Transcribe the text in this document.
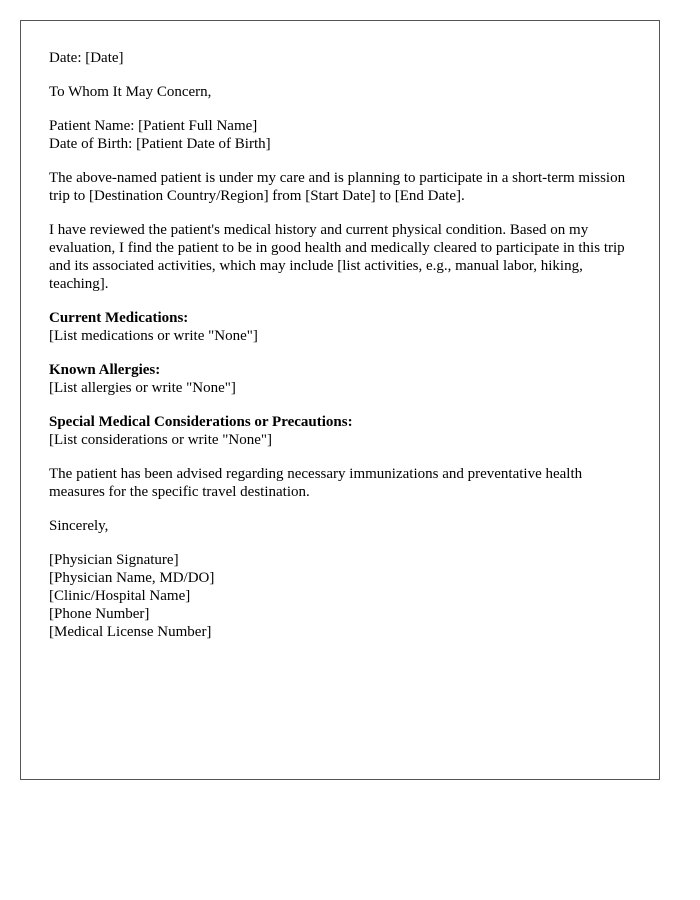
Date: [Date]

To Whom It May Concern,

Patient Name: [Patient Full Name]
Date of Birth: [Patient Date of Birth]

The above-named patient is under my care and is planning to participate in a short-term mission trip to [Destination Country/Region] from [Start Date] to [End Date].

I have reviewed the patient's medical history and current physical condition. Based on my evaluation, I find the patient to be in good health and medically cleared to participate in this trip and its associated activities, which may include [list activities, e.g., manual labor, hiking, teaching].

Current Medications:
[List medications or write "None"]

Known Allergies:
[List allergies or write "None"]

Special Medical Considerations or Precautions:
[List considerations or write "None"]

The patient has been advised regarding necessary immunizations and preventative health measures for the specific travel destination.

Sincerely,

[Physician Signature]
[Physician Name, MD/DO]
[Clinic/Hospital Name]
[Phone Number]
[Medical License Number]
